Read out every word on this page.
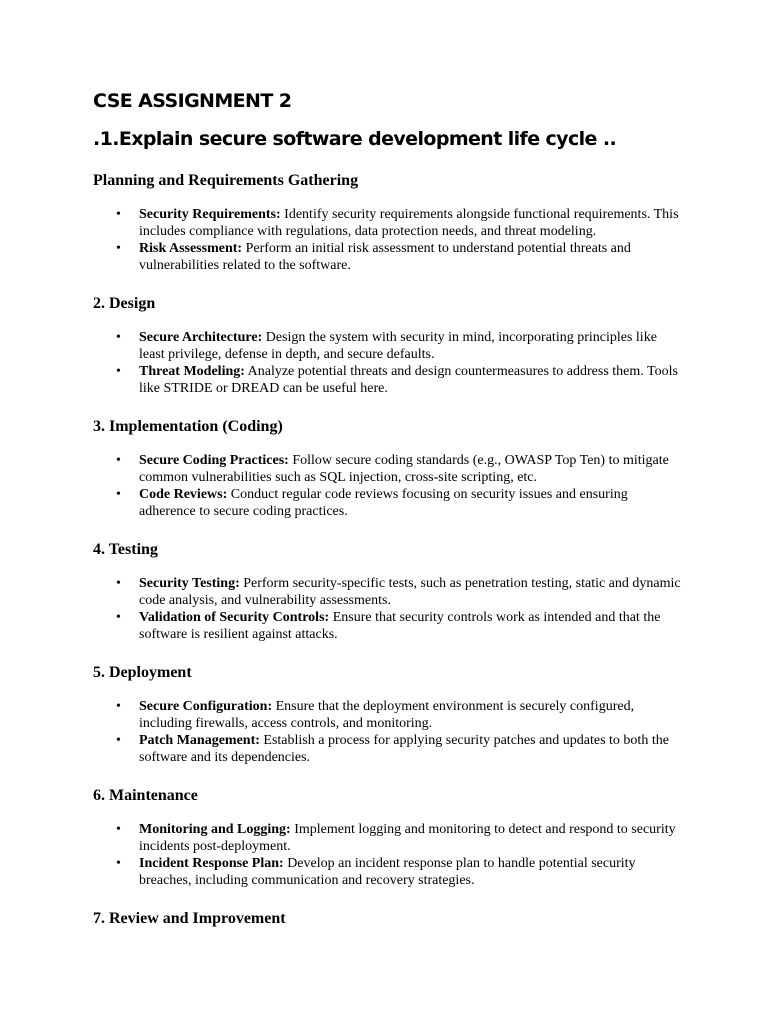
CSE ASSIGNMENT 2
.1.Explain secure software development life cycle ..
Planning and Requirements Gathering
• Security Requirements: Identify security requirements alongside functional requirements. This includes compliance with regulations, data protection needs, and threat modeling.
• Risk Assessment: Perform an initial risk assessment to understand potential threats and vulnerabilities related to the software.
2. Design
• Secure Architecture: Design the system with security in mind, incorporating principles like least privilege, defense in depth, and secure defaults.
• Threat Modeling: Analyze potential threats and design countermeasures to address them. Tools like STRIDE or DREAD can be useful here.
3. Implementation (Coding)
• Secure Coding Practices: Follow secure coding standards (e.g., OWASP Top Ten) to mitigate common vulnerabilities such as SQL injection, cross-site scripting, etc.
• Code Reviews: Conduct regular code reviews focusing on security issues and ensuring adherence to secure coding practices.
4. Testing
• Security Testing: Perform security-specific tests, such as penetration testing, static and dynamic code analysis, and vulnerability assessments.
• Validation of Security Controls: Ensure that security controls work as intended and that the software is resilient against attacks.
5. Deployment
• Secure Configuration: Ensure that the deployment environment is securely configured, including firewalls, access controls, and monitoring.
• Patch Management: Establish a process for applying security patches and updates to both the software and its dependencies.
6. Maintenance
• Monitoring and Logging: Implement logging and monitoring to detect and respond to security incidents post-deployment.
• Incident Response Plan: Develop an incident response plan to handle potential security breaches, including communication and recovery strategies.
7. Review and Improvement
